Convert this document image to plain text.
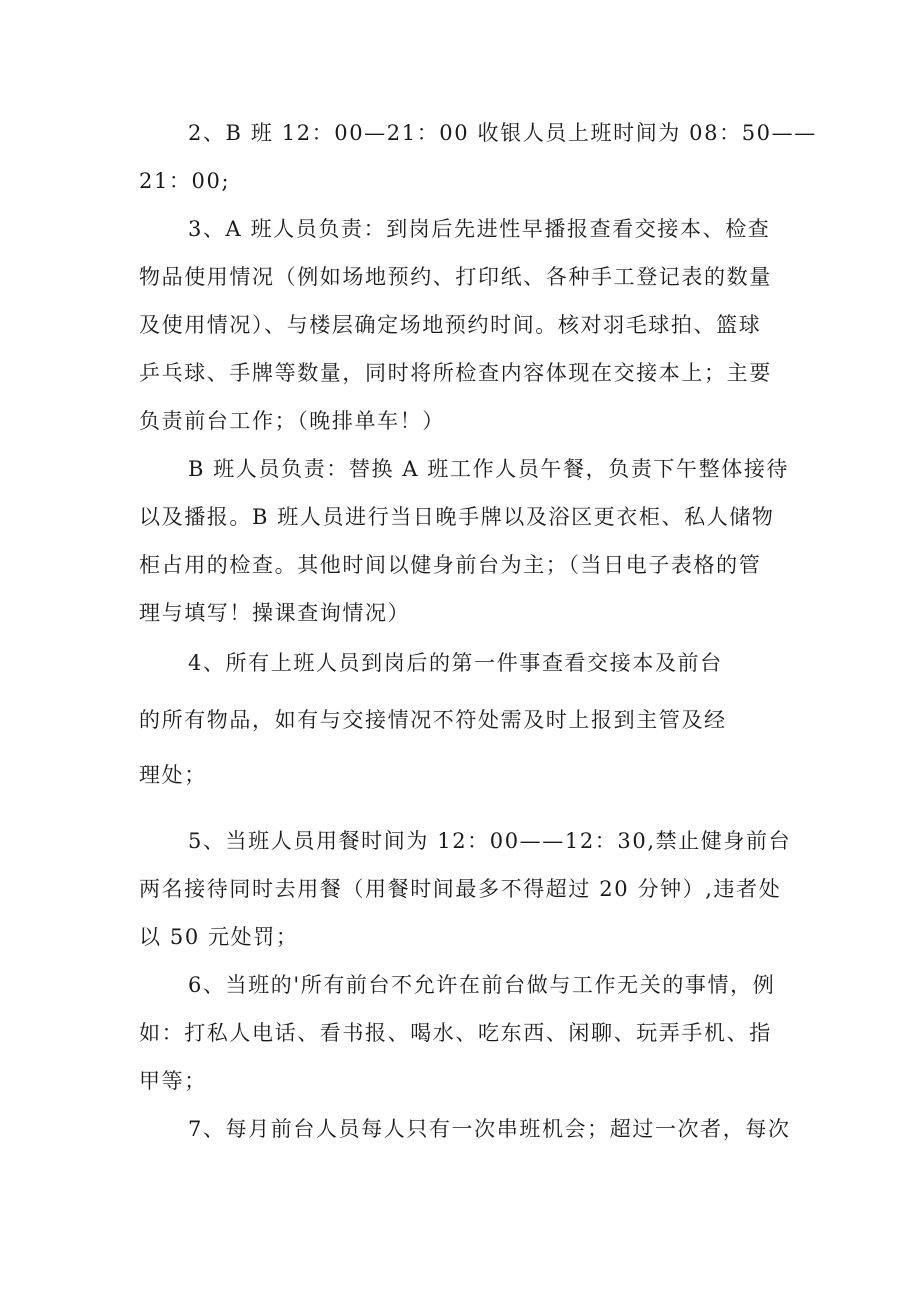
2、B 班 12：00—21：00 收银人员上班时间为 08：50——
21：00;
3、A 班人员负责：到岗后先进性早播报查看交接本、检查
物品使用情况（例如场地预约、打印纸、各种手工登记表的数量
及使用情况）、与楼层确定场地预约时间。核对羽毛球拍、篮球
乒乓球、手牌等数量，同时将所检查内容体现在交接本上；主要
负责前台工作；（晚排单车！）
B 班人员负责：替换 A 班工作人员午餐，负责下午整体接待
以及播报。B 班人员进行当日晚手牌以及浴区更衣柜、私人储物
柜占用的检查。其他时间以健身前台为主；（当日电子表格的管
理与填写！操课查询情况）
4、所有上班人员到岗后的第一件事查看交接本及前台
的所有物品，如有与交接情况不符处需及时上报到主管及经
理处；
5、当班人员用餐时间为 12：00——12：30,禁止健身前台
两名接待同时去用餐（用餐时间最多不得超过 20 分钟）,违者处
以 50 元处罚；
6、当班的'所有前台不允许在前台做与工作无关的事情，例
如：打私人电话、看书报、喝水、吃东西、闲聊、玩弄手机、指
甲等；
7、每月前台人员每人只有一次串班机会；超过一次者，每次
